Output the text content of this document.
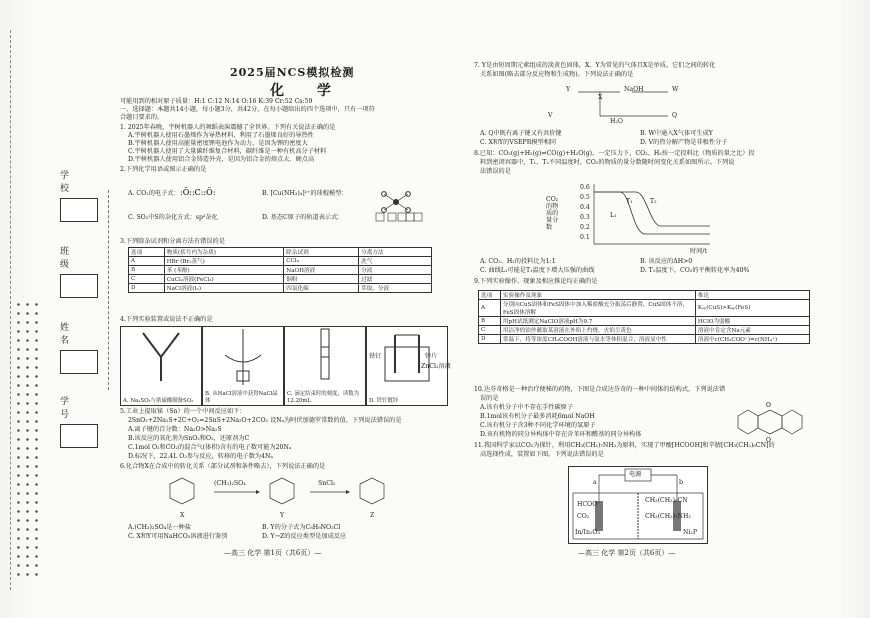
学 校
班 级
姓 名
学 号
2025届NCS模拟检测
化 学
可能用到的相对原子质量：H:1 C:12 N:14 O:16 K:39 Cr:52 Cs:59
一、选择题：本题共14小题，每小题3分，共42分。在每小题给出的四个选项中，只有一项符
合题目要求的。
1. 2025年春晚，宇树机器人的舞蹈表演震撼了全世界。下列有关说法正确的是
A.宇树机器人使用石墨烯作为导热材料，利用了石墨烯良好的导热性
B.宇树机器人使用高能量密度锂电池作为动力，是因为锂的密度大
C.宇树机器人使用了大量碳纤维复合材料，碳纤维是一种有机高分子材料
D.宇树机器人使用铝合金铸造外壳，是因为铝合金的熔点大、硬点高
2.下列化学用语或图示正确的是
A. CO₂的电子式： :Ö::C::Ö:	B. [Cu(NH₃)₄]²⁺的球棍模型：
C. SO₂中S的杂化方式：sp²杂化	D. 基态C原子的轨道表示式：
3.下列除杂试剂和分离方法有错误的是
选项	物质(括号内为杂质)	除杂试剂	分离方法
A	HBr (Br₂蒸气)	CCl₄	洗气
B	苯 (苯酚)	NaOH溶液	分液
C	CuCl₂溶液(FeCl₃)	铜粉	过滤
D	NaCl溶液(I₂)	四氯化碳	萃取、分液
4.下列实验装置或说法不正确的是
A. Na₂SO₃与浓硫酸制备SO₂
B. 从NaCl溶液中获得NaCl晶体
C. 滴定结束时的刻度，读数为12.20mL
铁钉	锌片
ZnCl₂溶液
D. 铁钉镀锌
5.工业上提取铋（Sn）的一个中间反应如下：
2SnO₂+2Na₂S+2C+O₂=2SnS+2Na₂O+2CO₂ 设Nₐ为阿伏加德罗常数的值，下列说法错误的是
A.离子键的百分数：Na₂O>Na₂S
B.该反应的氧化剂为SnO₂和O₂，还原剂为C
C.1mol O₂和CO₂的混合气(体积)含有的电子数可能为20Nₐ
D.标况下，22.4L O₂参与反应，转移的电子数为4Nₐ
6.化合物X在合成中的转化关系（部分试剂和条件略去），下列说法正确的是
X	Y	Z
(CH₃)₂SO₄	SnCl₂
A.(CH₃)₂SO₄是一种盐	B. Y的分子式为C₈H₉NO₂Cl
C. X和Y可用NaHCO₃溶液进行鉴别	D. Y→Z的反应类型是加成反应
—高三 化学 第1页（共6页）—
7. Y是由短周期元素组成的淡黄色固体，X、Y为常见的气体且X是单质。它们之间的转化
关系如图(略去部分反应物和生成物)。下列说法正确的是
Y
X
NaOH	W
Q
H₂O
V
A. Q中既有离子键又有共价键	B. W中通入X气体可生成Y
C. X和Y的VSEPR模型相同	D. V的热分解产物是非极性分子
8.已知：CO₂(g)+H₂(g)⇌CO(g)+H₂O(g)，一定压力下，CO₂、H₂按一定投料比（物质的量之比）投
料到密闭容器中，T₁、T₂不同温度时，CO₂的物质的量分数随时间变化关系如图所示。下列说
法错误的是
CO₂的物质的量分数
0.6
0.5
0.4
0.3
0.2
0.1
T₁	T₂
L₁
时间/t
A. CO₂、H₂的投料比为1:1	B. 该反应的ΔH>0
C. 曲线L₁可能是T₁温度下增大压强的曲线	D. T₁温度下，CO₂的平衡转化率为40%
9.下列实验操作、现象及相应推论均正确的是
选项	实验操作及现象	推论
A	分别向CuS固体和FeS固体中加入稀盐酸充分振荡后静置，CuS固体不溶，FeS固体溶解	Kₛₚ(CuS)>Kₛₚ(FeS)
B	用pH试纸测定NaClO溶液pH为9.7	HClO为弱酸
C	用洁净的铂丝蘸取某溶液在外焰上灼烧，火焰呈黄色	溶液中肯定含Na元素
D	常温下，将等浓度CH₃COOH溶液与氨水等体积混合，溶液显中性	溶液中c(CH₃COO⁻)=c(NH₄⁺)
10.达芬奇格是一种治疗便秘的药物，下图是合成达芬奇的一种中间体的结构式，下列说法错
误的是
A.该有机分子中不存在手性碳原子
B.1mol该有机分子最多消耗6mol NaOH
C.该有机分子含3种不同化学环境的氢原子
D.该有机物的同分异构体中存在含苯环和醛基的同分异构体
O
O
11.我国科学家以CO₂为探针，利用CH₃(CH₂)₇NH₂为原料，实现了甲酸[HCOOH]和辛腈[CH₃(CH₂)₆CN]的
高选择性成，装置如下图，下列说法错误的是
HCOO⁻
CO₂
In/In₂O₃
CH₃(CH₂)₆CN
CH₃(CH₂)₇NH₂
Ni₂P
电源
a	b
—高三 化学 第2页（共6页）—
